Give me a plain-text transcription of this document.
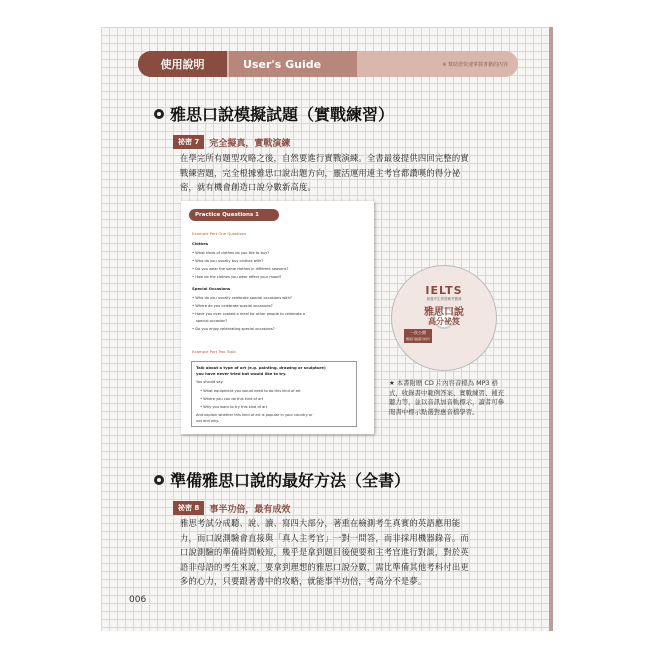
使用說明	User's Guide	※ 幫助您快速掌握書籍的內容
雅思口說模擬試題（實戰練習）
祕密 7	完全擬真，實戰演練
在學完所有題型攻略之後，自然要進行實戰演練。全書最後提供四回完整的實
戰練習題，完全根據雅思口說出題方向，靈活運用連主考官都讚嘆的得分祕
密，就有機會創造口說分數新高度。
Practice Questions 1
Example Part One Questions
Clothes
• What kinds of clothes do you like to buy?
• Who do you usually buy clothes with?
• Do you wear the same clothes in different seasons?
• How do the clothes you wear affect your mood?
Special Occasions
• Who do you usually celebrate special occasions with?
• Where do you celebrate special occasions?
• Have you ever cooked a meal for other people to celebrate a
special occasion?
• Do you enjoy celebrating special occasions?
Example Part Two Topic
Talk about a type of art (e.g. painting, drawing or sculpture)
you have never tried but would like to try.
You should say:
• What equipment you would need to do this kind of art
• Where you can do this kind of art
• Why you want to try this kind of art
And explain whether this kind of art is popular in your country or
not and why.
IELTS
最強考生實證應考寶典
雅思口說
高分祕笈
一次公開
雅思口說高分技巧
★ 本書附贈 CD 片內容音檔為 MP3 格式，收錄書中範例答案、實戰練習、補充聽力等，並以音訊加音軌標示，讀者可參閱書中標示點選對應音檔學習。
準備雅思口說的最好方法（全書）
祕密 8	事半功倍，最有成效
雅思考試分成聽、說、讀、寫四大部分，著重在檢測考生真實的英語應用能
力，而口說測驗會直接與「真人主考官」一對一問答，而非採用機器錄音。而
口說測驗的準備時間較短，幾乎是拿到題目後便要和主考官進行對談，對於英
語非母語的考生來說，要拿到理想的雅思口說分數，需比準備其他考科付出更
多的心力，只要跟著書中的攻略，就能事半功倍，考高分不是夢。
006
